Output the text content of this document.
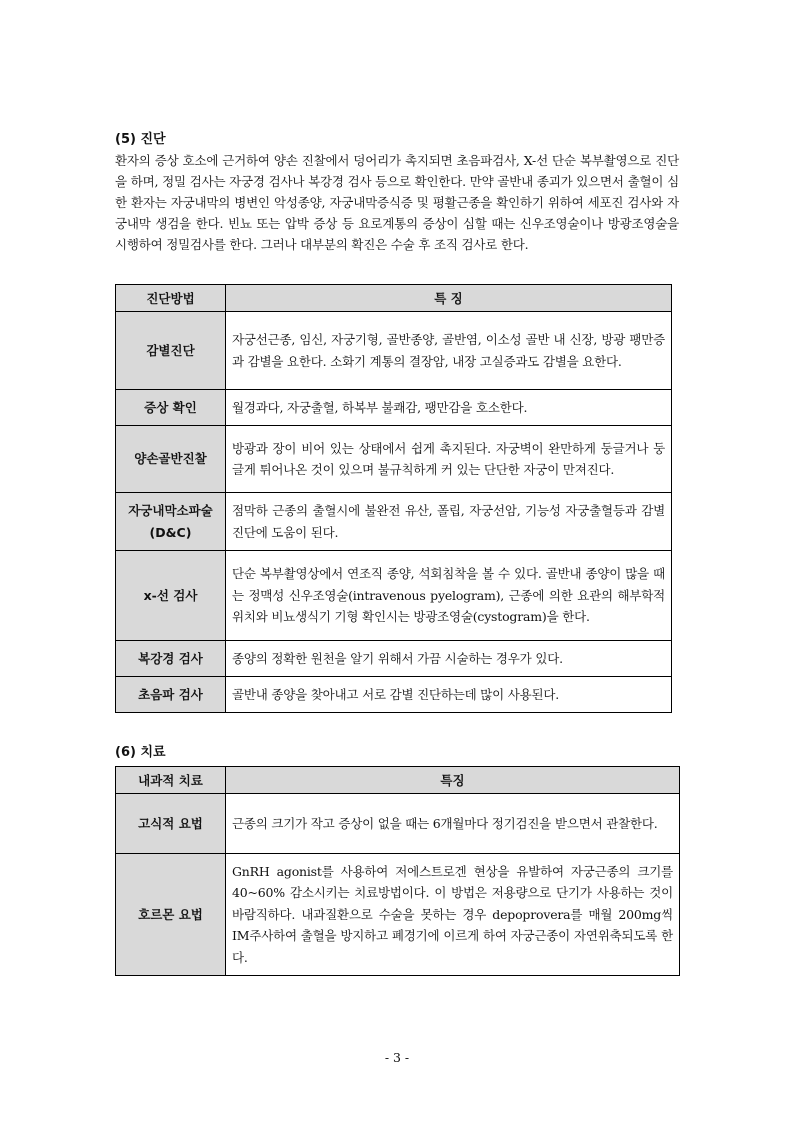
(5) 진단
환자의 증상 호소에 근거하여 양손 진찰에서 덩어리가 촉지되면 초음파검사, X-선 단순 복부촬영으로 진단을 하며, 정밀 검사는 자궁경 검사나 복강경 검사 등으로 확인한다. 만약 골반내 종괴가 있으면서 출혈이 심한 환자는 자궁내막의 병변인 악성종양, 자궁내막증식증 및 평활근종을 확인하기 위하여 세포진 검사와 자궁내막 생검을 한다. 빈뇨 또는 압박 증상 등 요로계통의 증상이 심할 때는 신우조영술이나 방광조영술을 시행하여 정밀검사를 한다. 그러나 대부분의 확진은 수술 후 조직 검사로 한다.
진단방법	특 징
감별진단	자궁선근종, 임신, 자궁기형, 골반종양, 골반염, 이소성 골반 내 신장, 방광 팽만증과 감별을 요한다. 소화기 계통의 결장암, 내장 고실증과도 감별을 요한다.
증상 확인	월경과다, 자궁출혈, 하복부 불쾌감, 팽만감을 호소한다.
양손골반진찰	방광과 장이 비어 있는 상태에서 쉽게 촉지된다. 자궁벽이 완만하게 둥글거나 둥글게 튀어나온 것이 있으며 불규칙하게 커 있는 단단한 자궁이 만져진다.
자궁내막소파술 (D&C)	점막하 근종의 출혈시에 불완전 유산, 폴립, 자궁선암, 기능성 자궁출혈등과 감별 진단에 도움이 된다.
x-선 검사	단순 복부촬영상에서 연조직 종양, 석회침착을 볼 수 있다. 골반내 종양이 많을 때는 정맥성 신우조영술(intravenous pyelogram), 근종에 의한 요관의 해부학적 위치와 비뇨생식기 기형 확인시는 방광조영술(cystogram)을 한다.
복강경 검사	종양의 정확한 원천을 알기 위해서 가끔 시술하는 경우가 있다.
초음파 검사	골반내 종양을 찾아내고 서로 감별 진단하는데 많이 사용된다.
(6) 치료
내과적 치료	특징
고식적 요법	근종의 크기가 작고 증상이 없을 때는 6개월마다 정기검진을 받으면서 관찰한다.
호르몬 요법	GnRH agonist를 사용하여 저에스트로겐 현상을 유발하여 자궁근종의 크기를 40~60% 감소시키는 치료방법이다. 이 방법은 저용량으로 단기가 사용하는 것이 바람직하다. 내과질환으로 수술을 못하는 경우 depoprovera를 매월 200mg씩 IM주사하여 출혈을 방지하고 폐경기에 이르게 하여 자궁근종이 자연위축되도록 한다.
- 3 -
